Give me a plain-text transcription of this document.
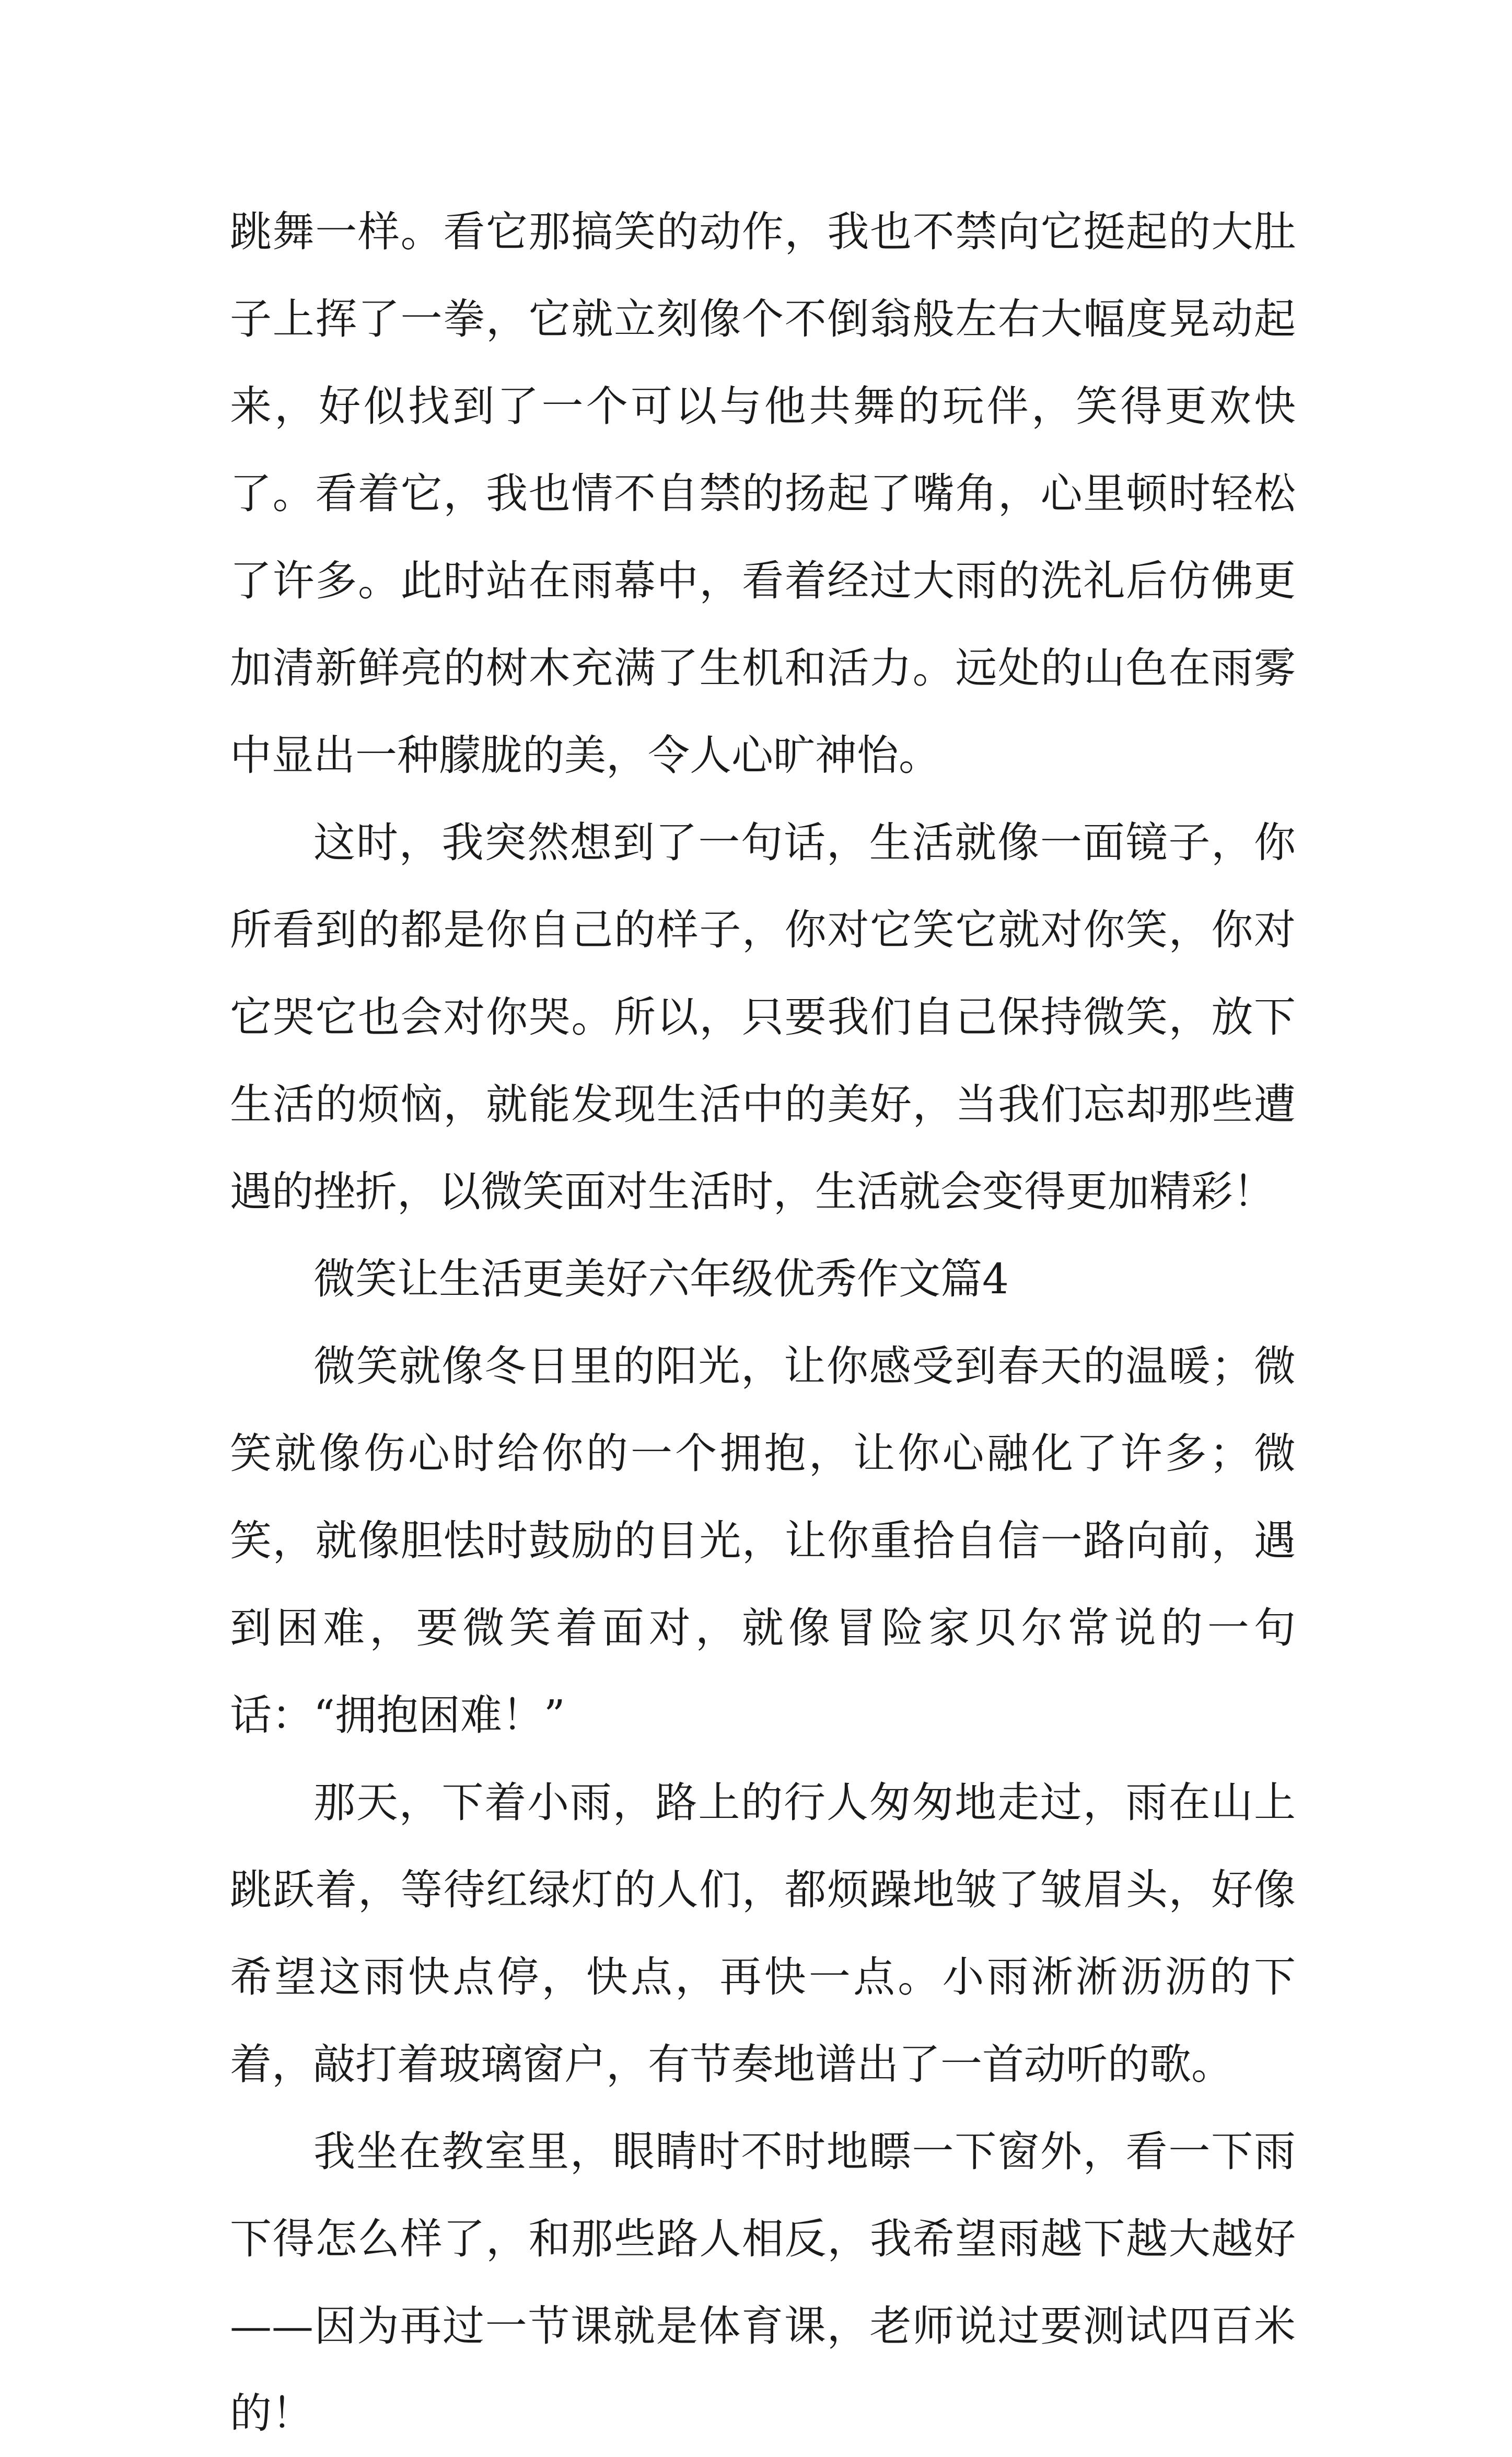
跳舞一样。看它那搞笑的动作，我也不禁向它挺起的大肚子上挥了一拳，它就立刻像个不倒翁般左右大幅度晃动起来，好似找到了一个可以与他共舞的玩伴，笑得更欢快了。看着它，我也情不自禁的扬起了嘴角，心里顿时轻松了许多。此时站在雨幕中，看着经过大雨的洗礼后仿佛更加清新鲜亮的树木充满了生机和活力。远处的山色在雨雾中显出一种朦胧的美，令人心旷神怡。

这时，我突然想到了一句话，生活就像一面镜子，你所看到的都是你自己的样子，你对它笑它就对你笑，你对它哭它也会对你哭。所以，只要我们自己保持微笑，放下生活的烦恼，就能发现生活中的美好，当我们忘却那些遭遇的挫折，以微笑面对生活时，生活就会变得更加精彩！

微笑让生活更美好六年级优秀作文篇4

微笑就像冬日里的阳光，让你感受到春天的温暖；微笑就像伤心时给你的一个拥抱，让你心融化了许多；微笑，就像胆怯时鼓励的目光，让你重拾自信一路向前，遇到困难，要微笑着面对，就像冒险家贝尔常说的一句话：“拥抱困难！”

那天，下着小雨，路上的行人匆匆地走过，雨在山上跳跃着，等待红绿灯的人们，都烦躁地皱了皱眉头，好像希望这雨快点停，快点，再快一点。小雨淅淅沥沥的下着，敲打着玻璃窗户，有节奏地谱出了一首动听的歌。

我坐在教室里，眼睛时不时地瞟一下窗外，看一下雨下得怎么样了，和那些路人相反，我希望雨越下越大越好——因为再过一节课就是体育课，老师说过要测试四百米的！
